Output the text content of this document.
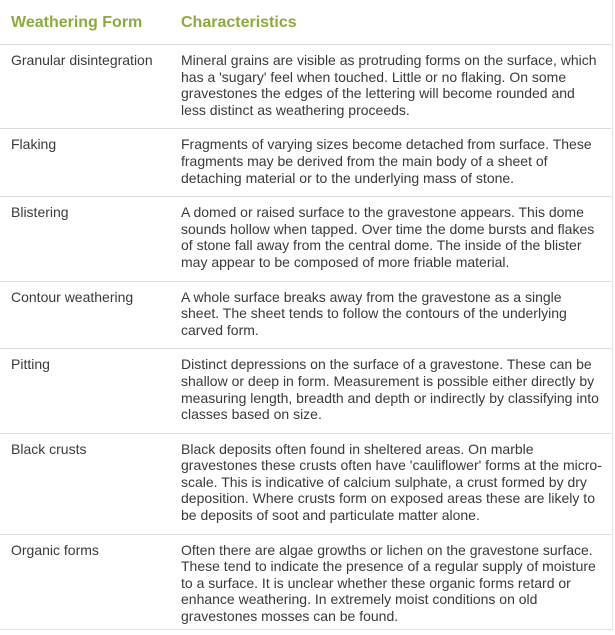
Weathering Form	Characteristics
Granular disintegration	Mineral grains are visible as protruding forms on the surface, which has a 'sugary' feel when touched. Little or no flaking. On some gravestones the edges of the lettering will become rounded and less distinct as weathering proceeds.
Flaking	Fragments of varying sizes become detached from surface. These fragments may be derived from the main body of a sheet of detaching material or to the underlying mass of stone.
Blistering	A domed or raised surface to the gravestone appears. This dome sounds hollow when tapped. Over time the dome bursts and flakes of stone fall away from the central dome. The inside of the blister may appear to be composed of more friable material.
Contour weathering	A whole surface breaks away from the gravestone as a single sheet. The sheet tends to follow the contours of the underlying carved form.
Pitting	Distinct depressions on the surface of a gravestone. These can be shallow or deep in form. Measurement is possible either directly by measuring length, breadth and depth or indirectly by classifying into classes based on size.
Black crusts	Black deposits often found in sheltered areas. On marble gravestones these crusts often have 'cauliflower' forms at the micro-scale. This is indicative of calcium sulphate, a crust formed by dry deposition. Where crusts form on exposed areas these are likely to be deposits of soot and particulate matter alone.
Organic forms	Often there are algae growths or lichen on the gravestone surface. These tend to indicate the presence of a regular supply of moisture to a surface. It is unclear whether these organic forms retard or enhance weathering. In extremely moist conditions on old gravestones mosses can be found.
